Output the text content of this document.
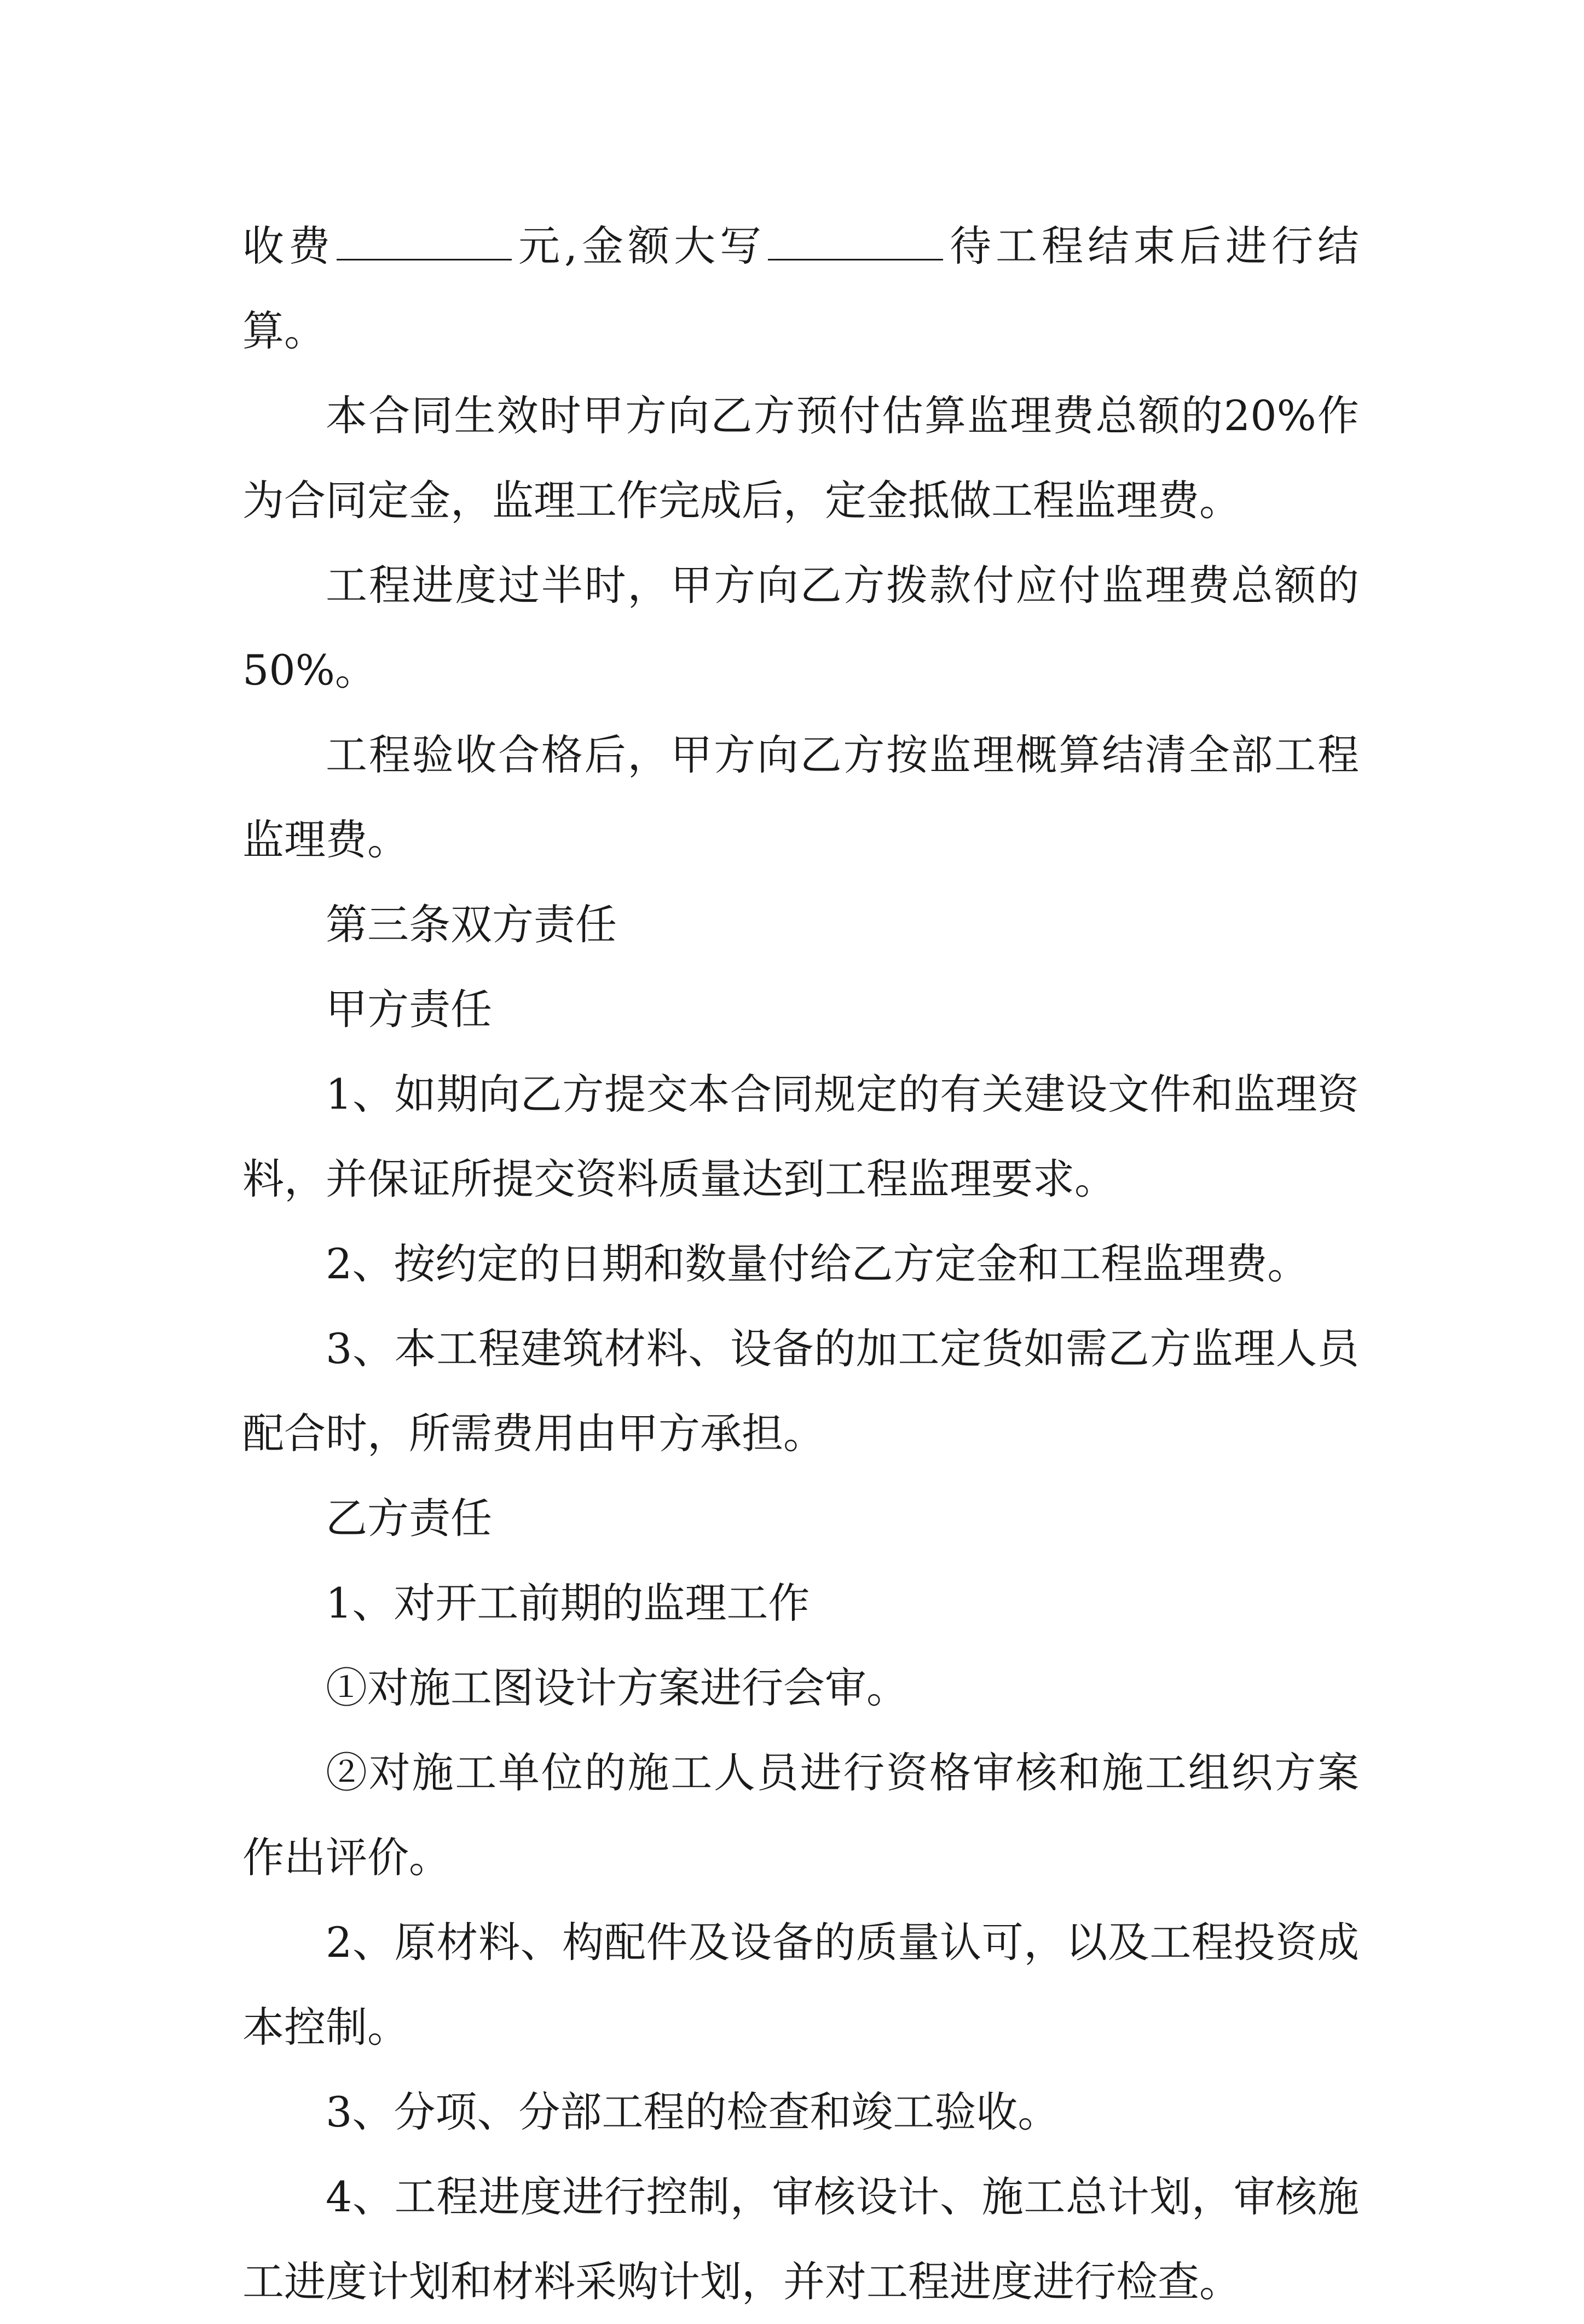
收费	元,金额大写	待工程结束后进行结算。

本合同生效时甲方向乙方预付估算监理费总额的20%作为合同定金，监理工作完成后，定金抵做工程监理费。

工程进度过半时，甲方向乙方拨款付应付监理费总额的50%。

工程验收合格后，甲方向乙方按监理概算结清全部工程监理费。

第三条双方责任

甲方责任

1、如期向乙方提交本合同规定的有关建设文件和监理资料，并保证所提交资料质量达到工程监理要求。

2、按约定的日期和数量付给乙方定金和工程监理费。

3、本工程建筑材料、设备的加工定货如需乙方监理人员配合时，所需费用由甲方承担。

乙方责任

1、对开工前期的监理工作

①对施工图设计方案进行会审。

②对施工单位的施工人员进行资格审核和施工组织方案作出评价。

2、原材料、构配件及设备的质量认可，以及工程投资成本控制。

3、分项、分部工程的检查和竣工验收。

4、工程进度进行控制，审核设计、施工总计划，审核施工进度计划和材料采购计划，并对工程进度进行检查。
